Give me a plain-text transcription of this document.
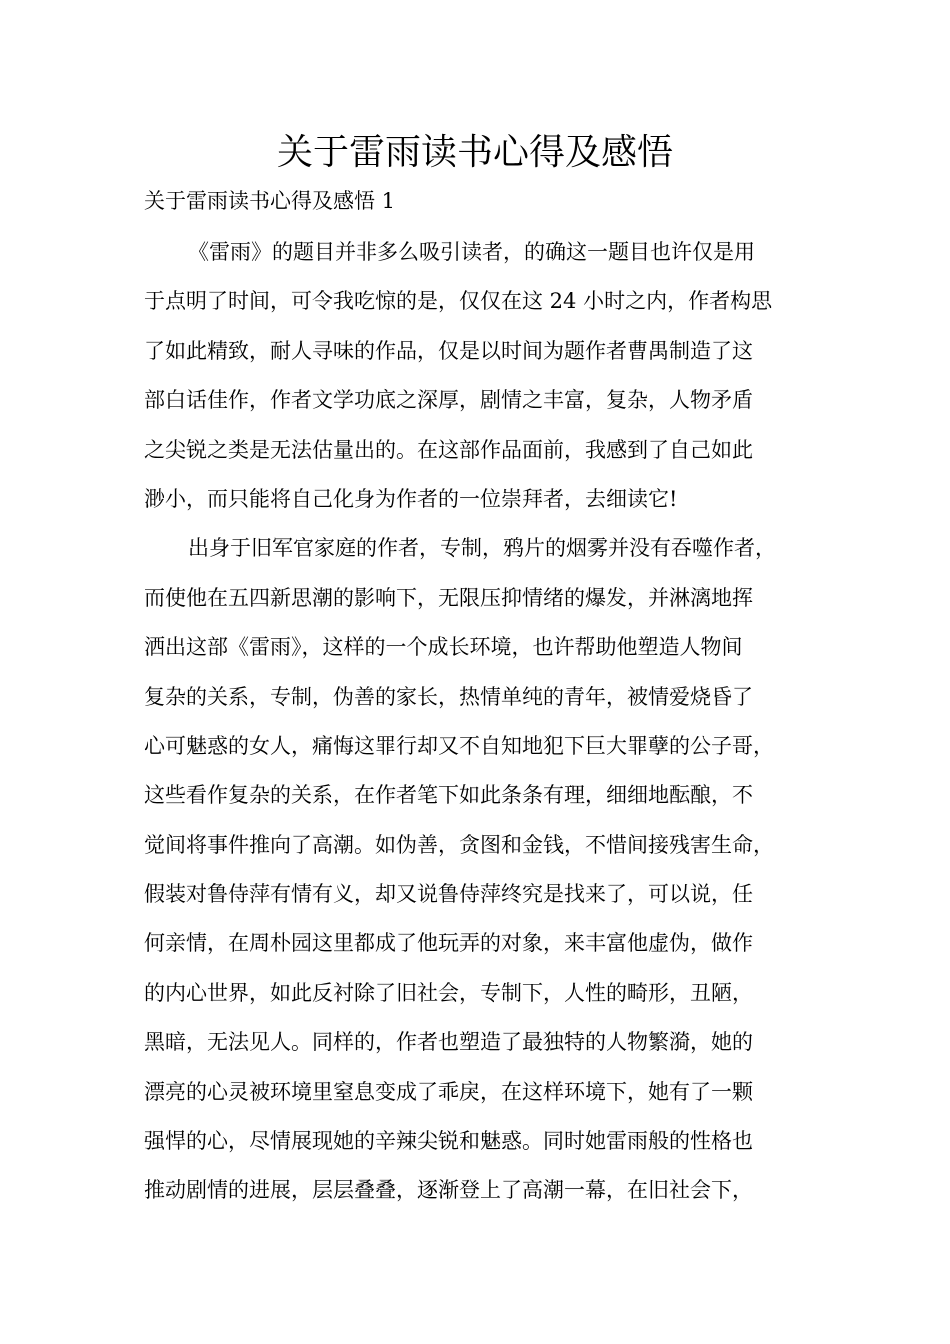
关于雷雨读书心得及感悟
关于雷雨读书心得及感悟 1
《雷雨》的题目并非多么吸引读者，的确这一题目也许仅是用
于点明了时间，可令我吃惊的是，仅仅在这 24 小时之内，作者构思
了如此精致，耐人寻味的作品，仅是以时间为题作者曹禺制造了这
部白话佳作，作者文学功底之深厚，剧情之丰富，复杂，人物矛盾
之尖锐之类是无法估量出的。在这部作品面前，我感到了自己如此
渺小，而只能将自己化身为作者的一位崇拜者，去细读它!
出身于旧军官家庭的作者，专制，鸦片的烟雾并没有吞噬作者，
而使他在五四新思潮的影响下，无限压抑情绪的爆发，并淋漓地挥
洒出这部《雷雨》，这样的一个成长环境，也许帮助他塑造人物间
复杂的关系，专制，伪善的家长，热情单纯的青年，被情爱烧昏了
心可魅惑的女人，痛悔这罪行却又不自知地犯下巨大罪孽的公子哥，
这些看作复杂的关系，在作者笔下如此条条有理，细细地酝酿，不
觉间将事件推向了高潮。如伪善，贪图和金钱，不惜间接残害生命，
假装对鲁侍萍有情有义，却又说鲁侍萍终究是找来了，可以说，任
何亲情，在周朴园这里都成了他玩弄的对象，来丰富他虚伪，做作
的内心世界，如此反衬除了旧社会，专制下，人性的畸形，丑陋，
黑暗，无法见人。同样的，作者也塑造了最独特的人物繁漪，她的
漂亮的心灵被环境里窒息变成了乖戾，在这样环境下，她有了一颗
强悍的心，尽情展现她的辛辣尖锐和魅惑。同时她雷雨般的性格也
推动剧情的进展，层层叠叠，逐渐登上了高潮一幕，在旧社会下，
